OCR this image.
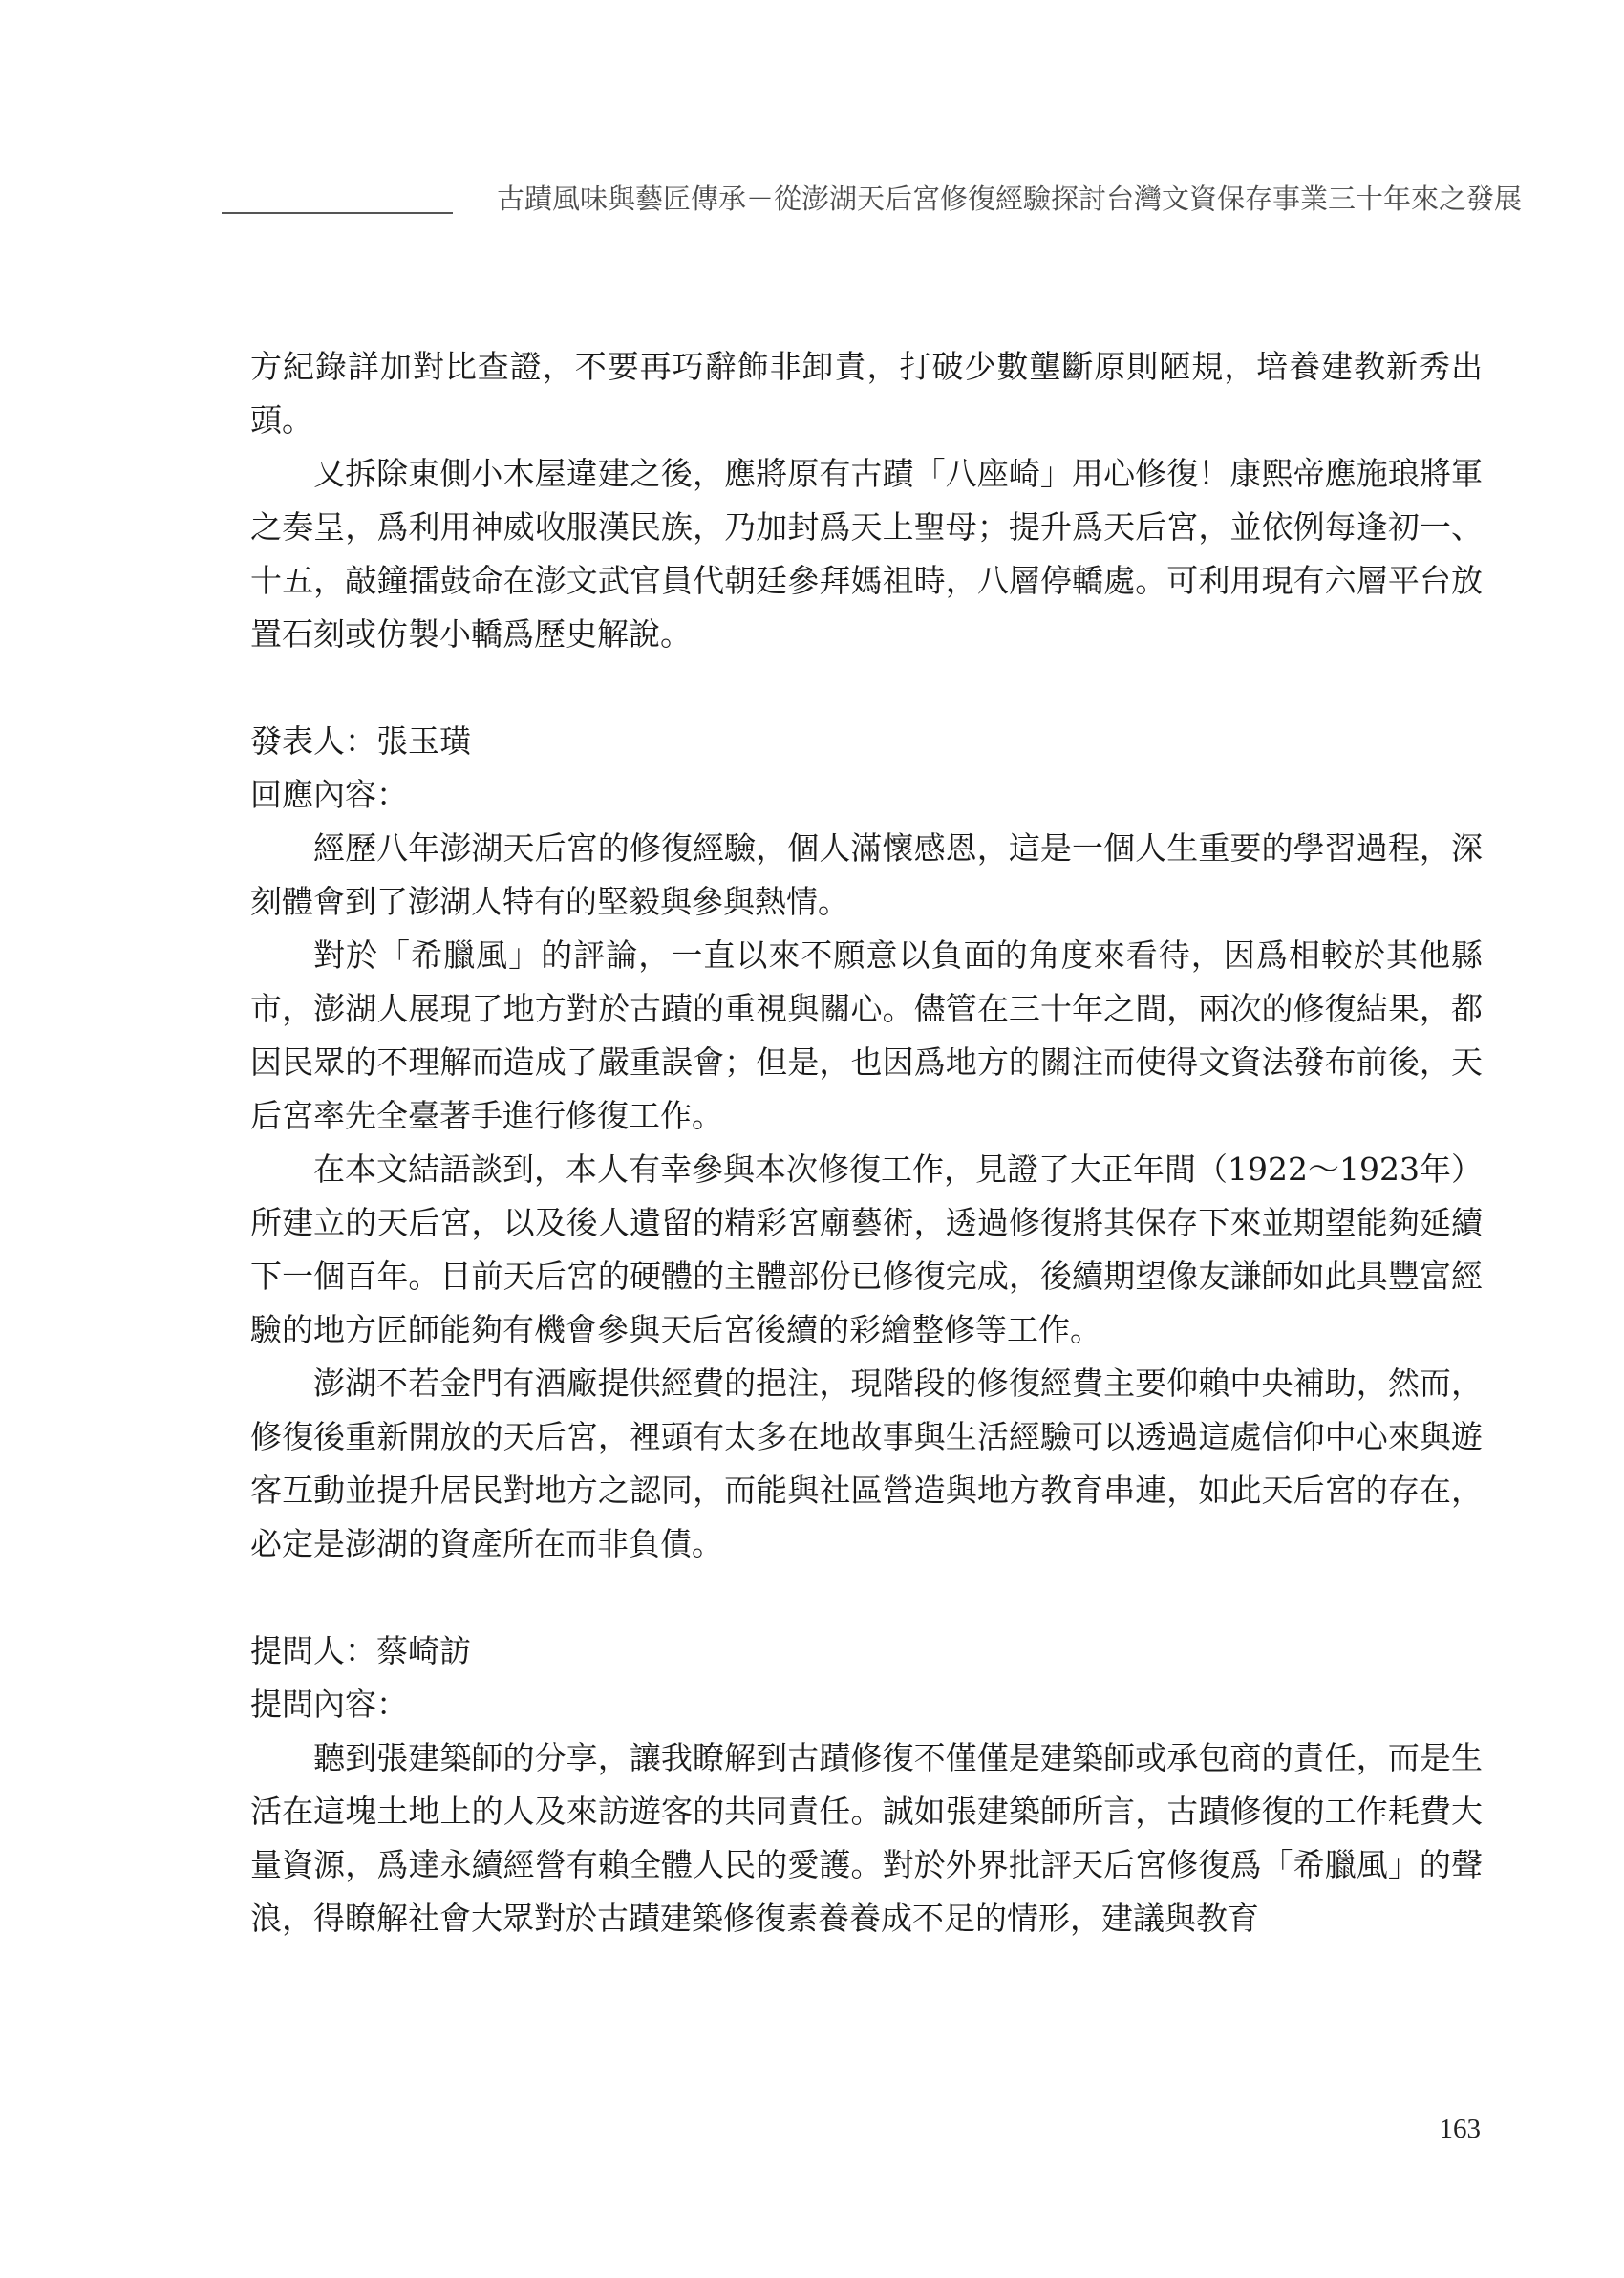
古蹟風味與藝匠傳承－從澎湖天后宮修復經驗探討台灣文資保存事業三十年來之發展

方紀錄詳加對比查證，不要再巧辭飾非卸責，打破少數壟斷原則陋規，培養建教新秀出頭。

又拆除東側小木屋違建之後，應將原有古蹟「八座崎」用心修復！康熙帝應施琅將軍之奏呈，爲利用神威收服漢民族，乃加封爲天上聖母；提升爲天后宮，並依例每逢初一、十五，敲鐘擂鼓命在澎文武官員代朝廷參拜媽祖時，八層停轎處。可利用現有六層平台放置石刻或仿製小轎爲歷史解說。

發表人：張玉璜

回應內容：

經歷八年澎湖天后宮的修復經驗，個人滿懷感恩，這是一個人生重要的學習過程，深刻體會到了澎湖人特有的堅毅與參與熱情。

對於「希臘風」的評論，一直以來不願意以負面的角度來看待，因爲相較於其他縣市，澎湖人展現了地方對於古蹟的重視與關心。儘管在三十年之間，兩次的修復結果，都因民眾的不理解而造成了嚴重誤會；但是，也因爲地方的關注而使得文資法發布前後，天后宮率先全臺著手進行修復工作。

在本文結語談到，本人有幸參與本次修復工作，見證了大正年間（1922～1923年）所建立的天后宮，以及後人遺留的精彩宮廟藝術，透過修復將其保存下來並期望能夠延續下一個百年。目前天后宮的硬體的主體部份已修復完成，後續期望像友謙師如此具豐富經驗的地方匠師能夠有機會參與天后宮後續的彩繪整修等工作。

澎湖不若金門有酒廠提供經費的挹注，現階段的修復經費主要仰賴中央補助，然而，修復後重新開放的天后宮，裡頭有太多在地故事與生活經驗可以透過這處信仰中心來與遊客互動並提升居民對地方之認同，而能與社區營造與地方教育串連，如此天后宮的存在，必定是澎湖的資產所在而非負債。

提問人：蔡崎訪

提問內容：

聽到張建築師的分享，讓我瞭解到古蹟修復不僅僅是建築師或承包商的責任，而是生活在這塊土地上的人及來訪遊客的共同責任。誠如張建築師所言，古蹟修復的工作耗費大量資源，爲達永續經營有賴全體人民的愛護。對於外界批評天后宮修復爲「希臘風」的聲浪，得瞭解社會大眾對於古蹟建築修復素養養成不足的情形，建議與教育

163
